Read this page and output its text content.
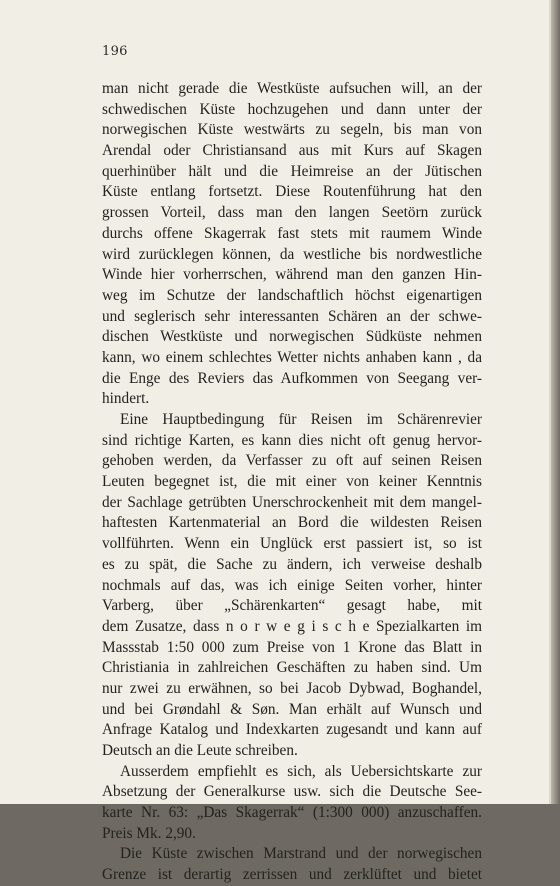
196
man nicht gerade die Westküste aufsuchen will, an der
schwedischen Küste hochzugehen und dann unter der
norwegischen Küste westwärts zu segeln, bis man von
Arendal oder Christiansand aus mit Kurs auf Skagen
querhinüber hält und die Heimreise an der Jütischen
Küste entlang fortsetzt. Diese Routenführung hat den
grossen Vorteil, dass man den langen Seetörn zurück
durchs offene Skagerrak fast stets mit raumem Winde
wird zurücklegen können, da westliche bis nordwestliche
Winde hier vorherrschen, während man den ganzen Hin-
weg im Schutze der landschaftlich höchst eigenartigen
und seglerisch sehr interessanten Schären an der schwe-
dischen Westküste und norwegischen Südküste nehmen
kann, wo einem schlechtes Wetter nichts anhaben kann , da
die Enge des Reviers das Aufkommen von Seegang ver-
hindert.
Eine Hauptbedingung für Reisen im Schärenrevier
sind richtige Karten, es kann dies nicht oft genug hervor-
gehoben werden, da Verfasser zu oft auf seinen Reisen
Leuten begegnet ist, die mit einer von keiner Kenntnis
der Sachlage getrübten Unerschrockenheit mit dem mangel-
haftesten Kartenmaterial an Bord die wildesten Reisen
vollführten. Wenn ein Unglück erst passiert ist, so ist
es zu spät, die Sache zu ändern, ich verweise deshalb
nochmals auf das, was ich einige Seiten vorher, hinter
Varberg, über „Schärenkarten“ gesagt habe, mit
dem Zusatze, dass n o r w e g i s c h e Spezialkarten im
Massstab 1:50 000 zum Preise von 1 Krone das Blatt in
Christiania in zahlreichen Geschäften zu haben sind. Um
nur zwei zu erwähnen, so bei Jacob Dybwad, Boghandel,
und bei Grøndahl & Søn. Man erhält auf Wunsch und
Anfrage Katalog und Indexkarten zugesandt und kann auf
Deutsch an die Leute schreiben.
Ausserdem empfiehlt es sich, als Uebersichtskarte zur
Absetzung der Generalkurse usw. sich die Deutsche See-
karte Nr. 63: „Das Skagerrak“ (1:300 000) anzuschaffen.
Preis Mk. 2,90.
Die Küste zwischen Marstrand und der norwegischen
Grenze ist derartig zerrissen und zerklüftet und bietet
